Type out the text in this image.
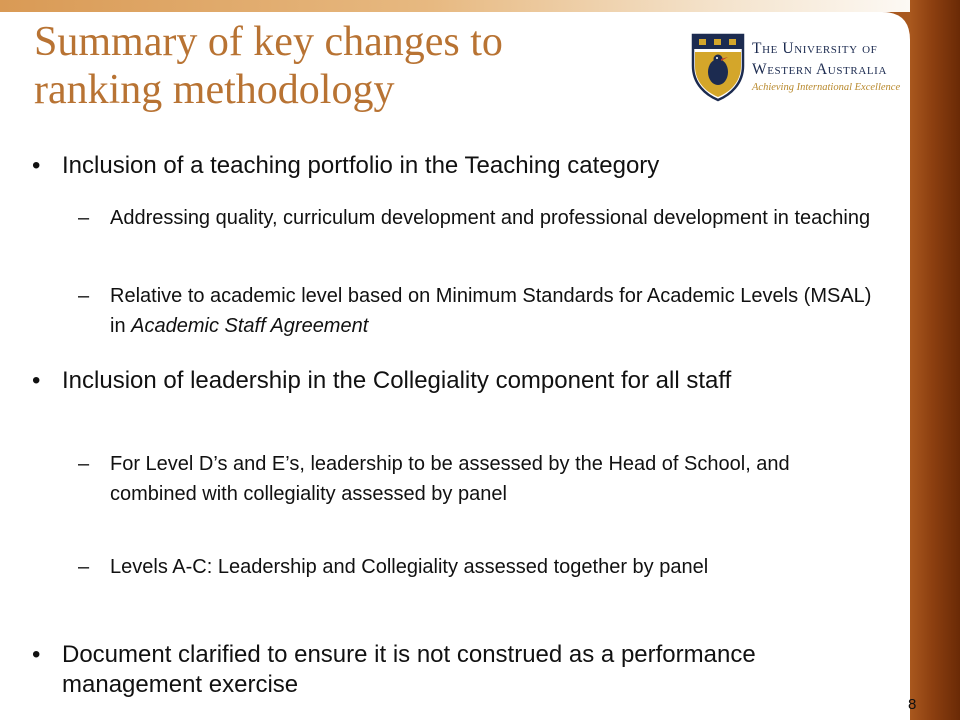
Summary of key changes to
ranking methodology
The University of
Western Australia
Achieving International Excellence
• Inclusion of a teaching portfolio in the Teaching category
– Addressing quality, curriculum development and professional development in teaching
– Relative to academic level based on Minimum Standards for Academic Levels (MSAL) in Academic Staff Agreement
• Inclusion of leadership in the Collegiality component for all staff
– For Level D’s and E’s, leadership to be assessed by the Head of School, and combined with collegiality assessed by panel
– Levels A-C: Leadership and Collegiality assessed together by panel
• Document clarified to ensure it is not construed as a performance management exercise
8
